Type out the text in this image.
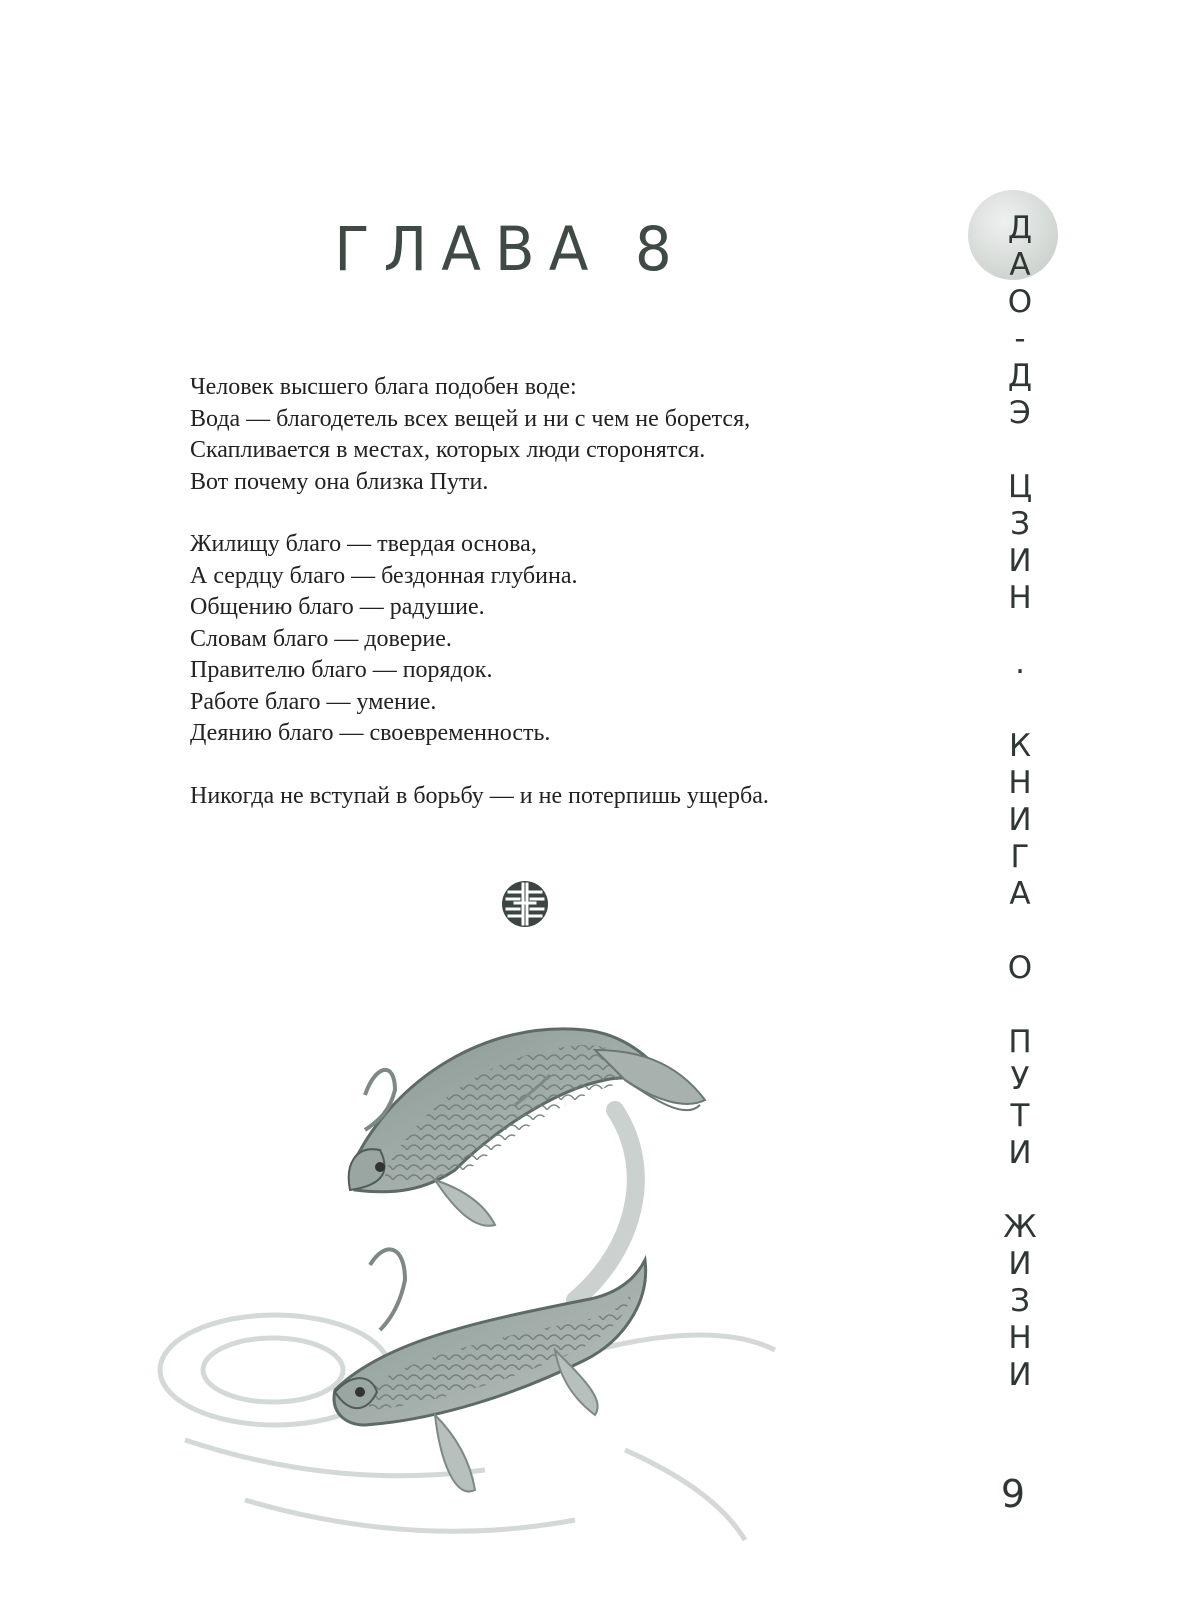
ГЛАВА 8
Человек высшего блага подобен воде:
Вода — благодетель всех вещей и ни с чем не борется,
Скапливается в местах, которых люди сторонятся.
Вот почему она близка Пути.
Жилищу благо — твердая основа,
А сердцу благо — бездонная глубина.
Общению благо — радушие.
Словам благо — доверие.
Правителю благо — порядок.
Работе благо — умение.
Деянию благо — своевременность.
Никогда не вступай в борьбу — и не потерпишь ущерба.	ДАО-ДЭ ЦЗИН · КНИГА О ПУТИ ЖИЗНИ
9
